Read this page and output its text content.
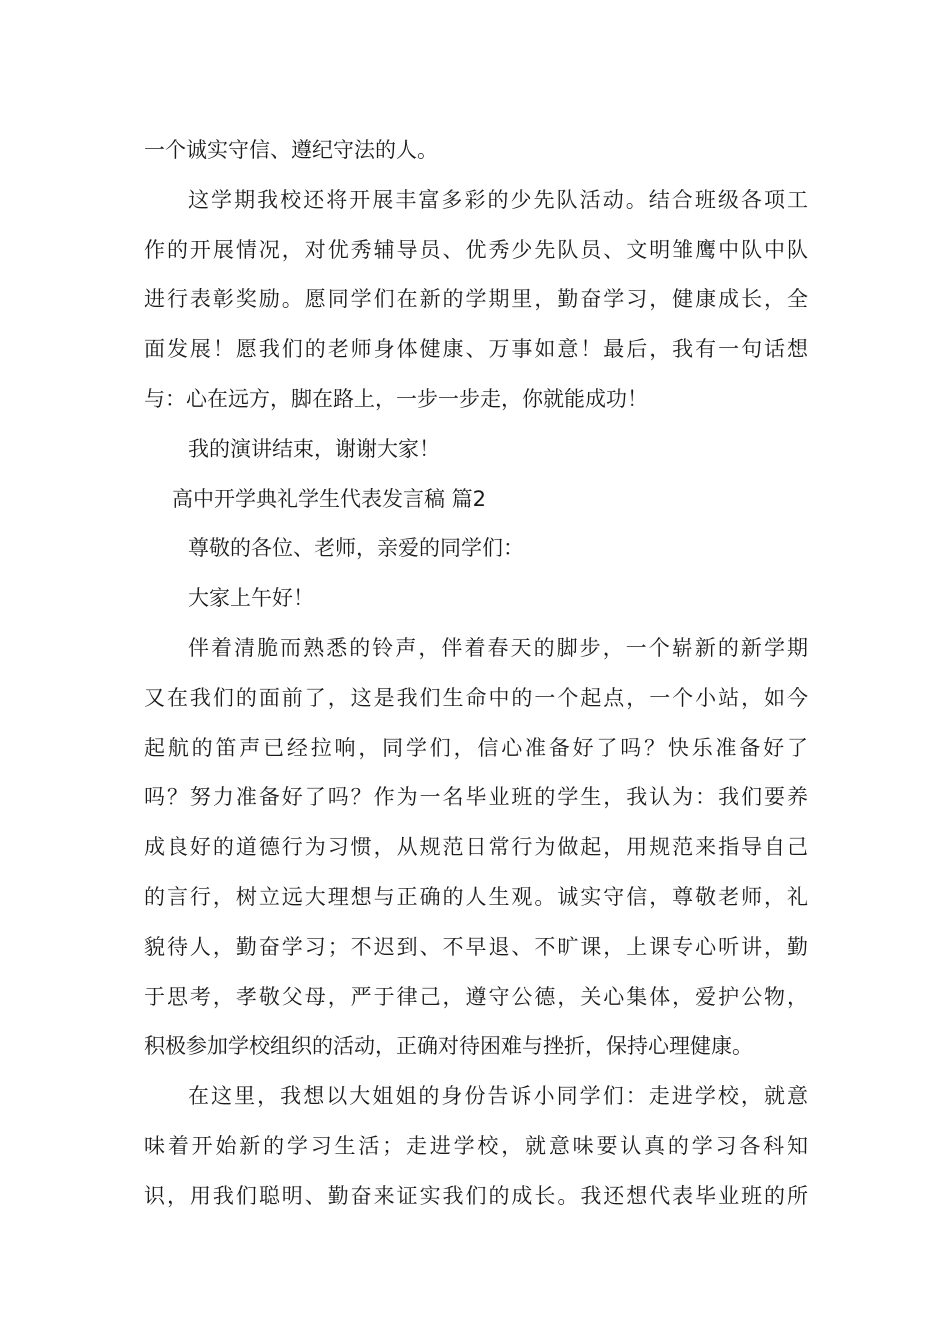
一个诚实守信、遵纪守法的人。
这学期我校还将开展丰富多彩的少先队活动。结合班级各项工
作的开展情况，对优秀辅导员、优秀少先队员、文明雏鹰中队中队
进行表彰奖励。愿同学们在新的学期里，勤奋学习，健康成长，全
面发展！愿我们的老师身体健康、万事如意！最后，我有一句话想
与：心在远方，脚在路上，一步一步走，你就能成功！
我的演讲结束，谢谢大家！
高中开学典礼学生代表发言稿 篇2
尊敬的各位、老师，亲爱的同学们：
大家上午好！
伴着清脆而熟悉的铃声，伴着春天的脚步，一个崭新的新学期
又在我们的面前了，这是我们生命中的一个起点，一个小站，如今
起航的笛声已经拉响，同学们，信心准备好了吗？快乐准备好了
吗？努力准备好了吗？作为一名毕业班的学生，我认为：我们要养
成良好的道德行为习惯，从规范日常行为做起，用规范来指导自己
的言行，树立远大理想与正确的人生观。诚实守信，尊敬老师，礼
貌待人，勤奋学习；不迟到、不早退、不旷课，上课专心听讲，勤
于思考，孝敬父母，严于律己，遵守公德，关心集体，爱护公物，
积极参加学校组织的活动，正确对待困难与挫折，保持心理健康。
在这里，我想以大姐姐的身份告诉小同学们：走进学校，就意
味着开始新的学习生活；走进学校，就意味要认真的学习各科知
识，用我们聪明、勤奋来证实我们的成长。我还想代表毕业班的所
